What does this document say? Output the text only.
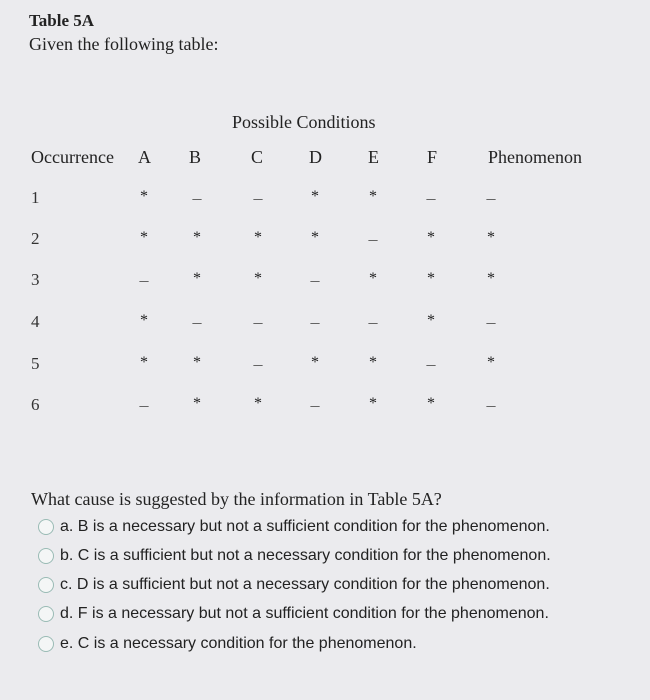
Table 5A
Given the following table:
Possible Conditions
Occurrence A B	C	D	E	F	Phenomenon
1	*	–	–	*	*	–	–
2	*	*	*	*	–	*	*
3	–	*	*	–	*	*	*
4	*	–	–	–	–	*	–
5	*	*	–	*	*	–	*
6	–	*	*	–	*	*	–
What cause is suggested by the information in Table 5A?
a. B is a necessary but not a sufficient condition for the phenomenon.
b. C is a sufficient but not a necessary condition for the phenomenon.
c. D is a sufficient but not a necessary condition for the phenomenon.
d. F is a necessary but not a sufficient condition for the phenomenon.
e. C is a necessary condition for the phenomenon.
